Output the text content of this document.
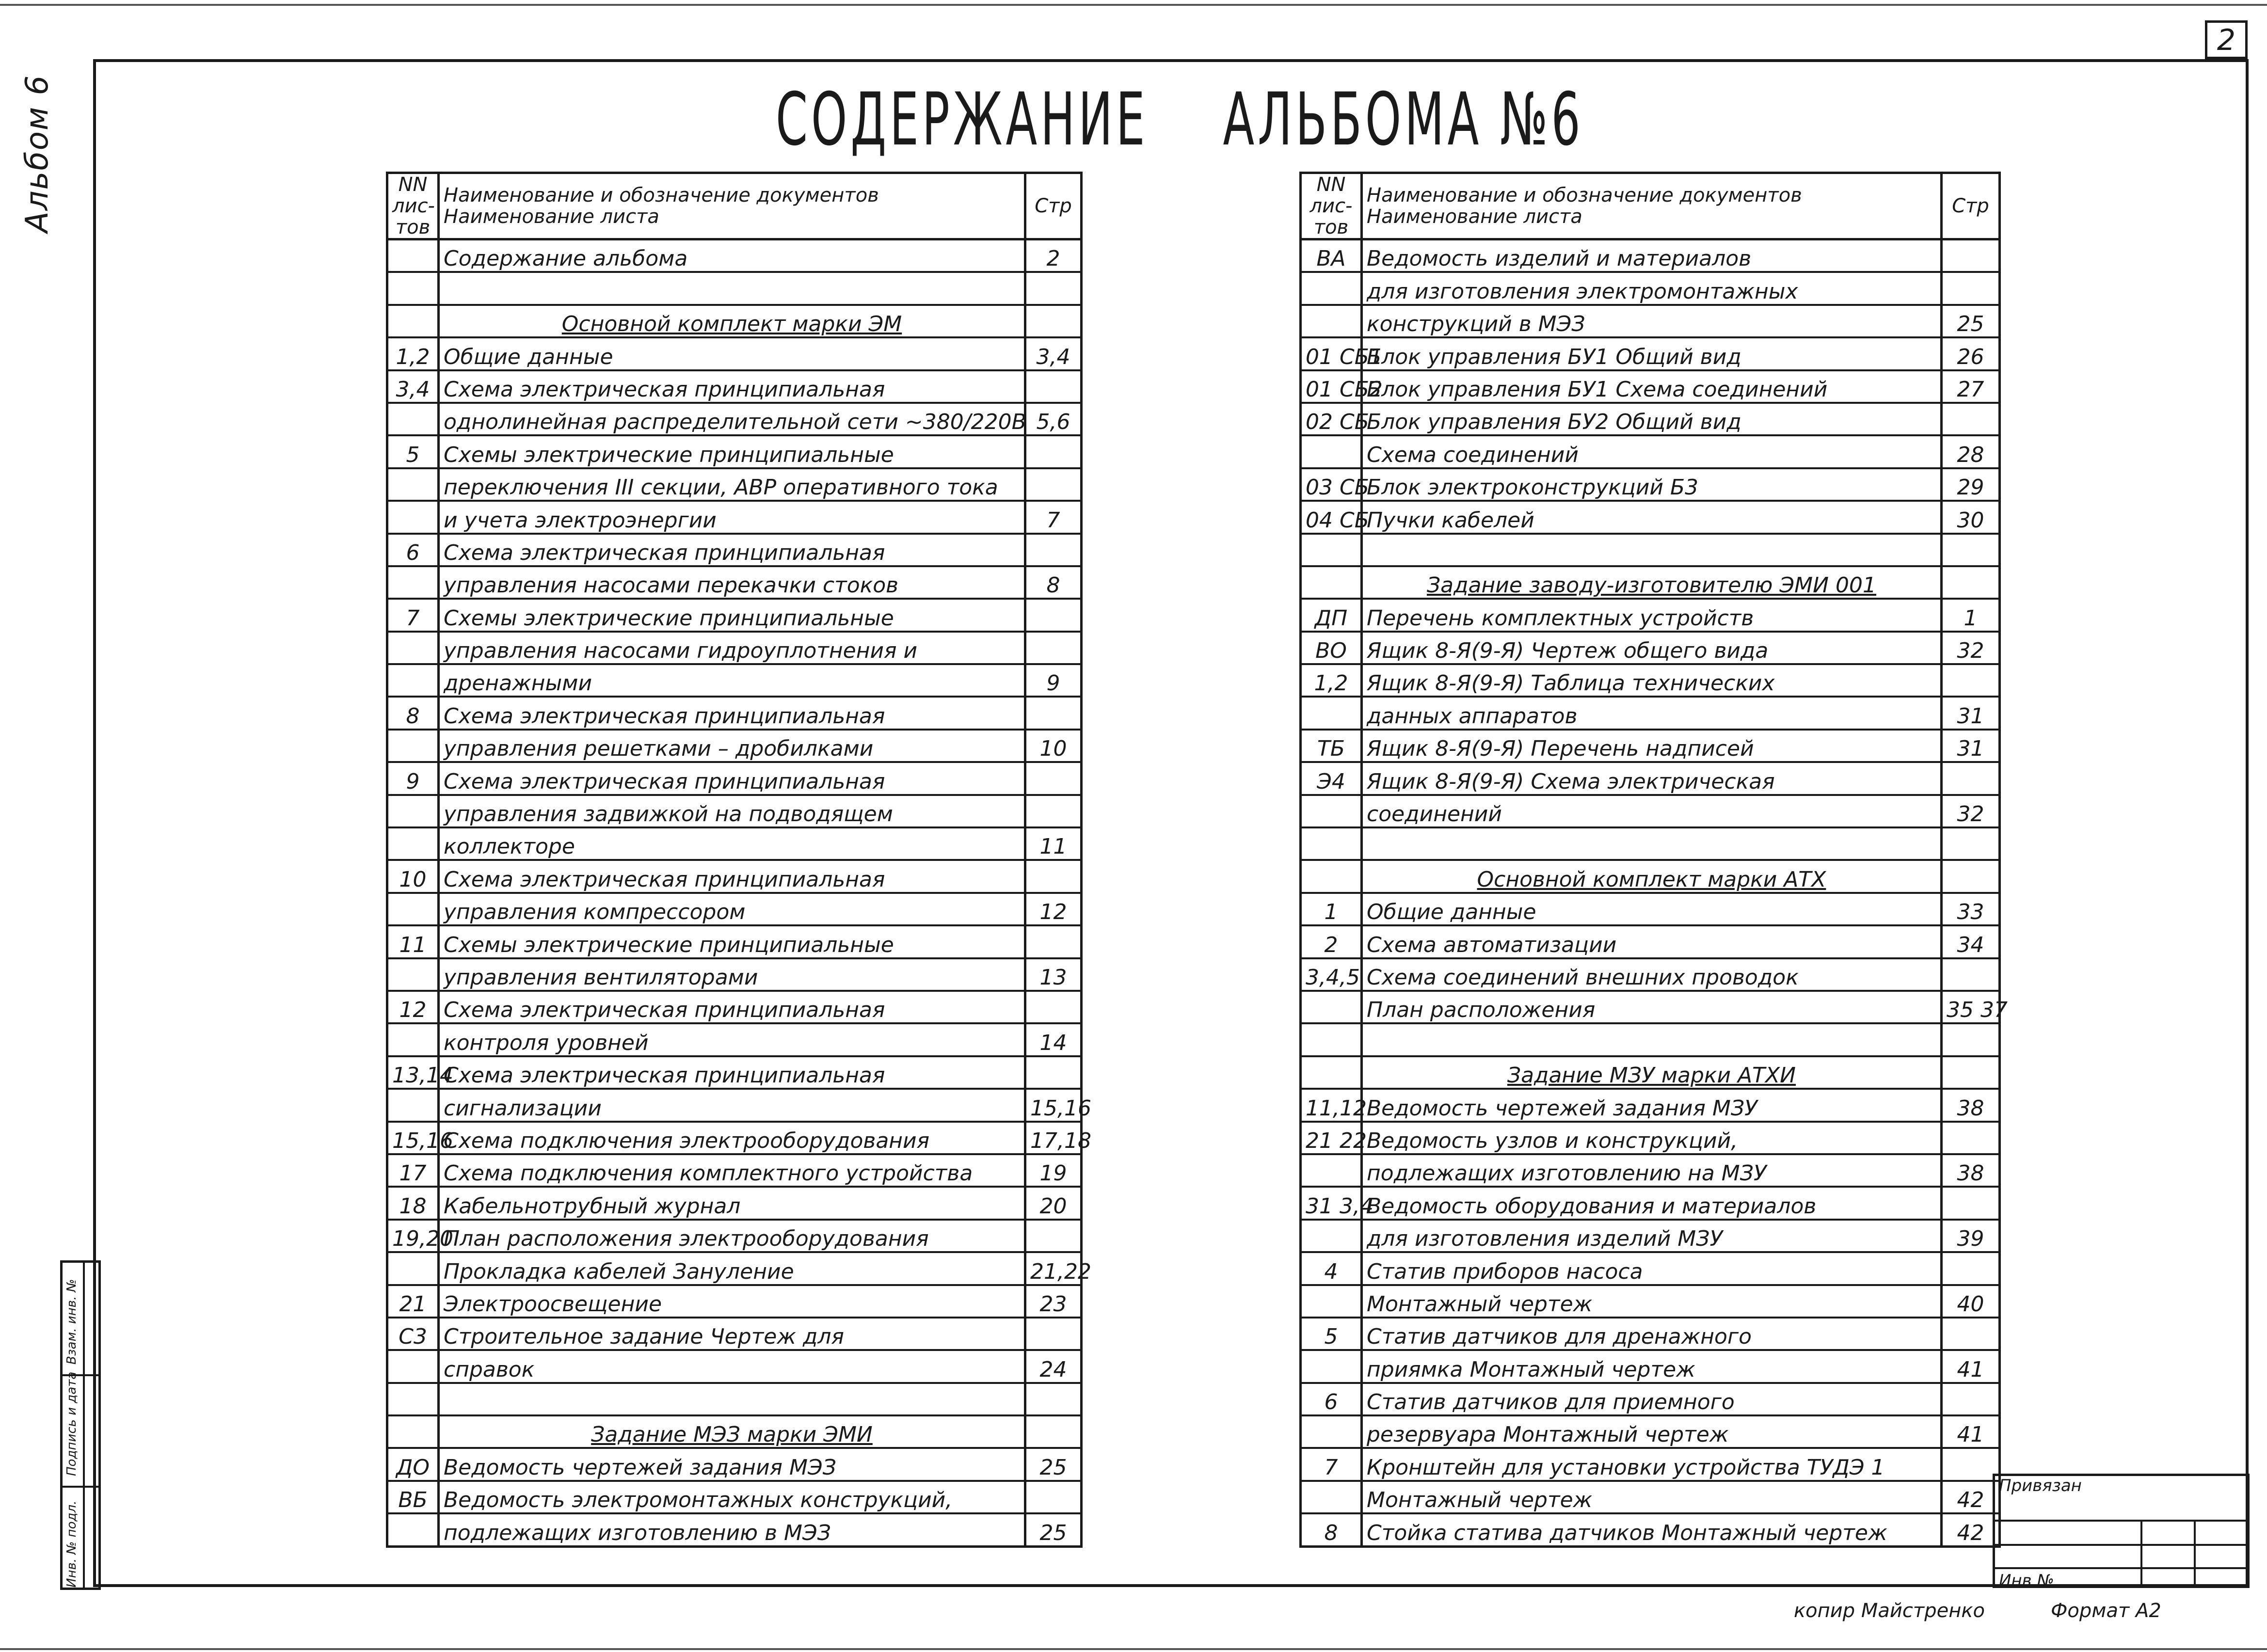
2
Альбом 6	СОДЕРЖАНИЕ АЛЬБОМА №6
NN лис-тов	Наименование и обозначение документов Наименование листа	Стр
	Содержание альбома	2

	Основной комплект марки ЭМ	
1,2	Общие данные	3,4
3,4	Схема электрическая принципиальная	
	однолинейная распределительной сети ~380/220В	5,6
5	Схемы электрические принципиальные	
	переключения III секции, АВР оперативного тока	
	и учета электроэнергии	7
6	Схема электрическая принципиальная	
	управления насосами перекачки стоков	8
7	Схемы электрические принципиальные	
	управления насосами гидроуплотнения и	
	дренажными	9
8	Схема электрическая принципиальная	
	управления решетками – дробилками	10
9	Схема электрическая принципиальная	
	управления задвижкой на подводящем	
	коллекторе	11
10	Схема электрическая принципиальная	
	управления компрессором	12
11	Схемы электрические принципиальные	
	управления вентиляторами	13
12	Схема электрическая принципиальная	
	контроля уровней	14
13,14	Схема электрическая принципиальная	
	сигнализации	15,16
15,16	Схема подключения электрооборудования	17,18
17	Схема подключения комплектного устройства	19
18	Кабельнотрубный журнал	20
19,20	План расположения электрооборудования	
	Прокладка кабелей Зануление	21,22
21	Электроосвещение	23
С3	Строительное задание Чертеж для	
	справок	24

	Задание МЭЗ марки ЭМИ	
ДО	Ведомость чертежей задания МЭЗ	25
ВБ	Ведомость электромонтажных конструкций,	
	подлежащих изготовлению в МЭЗ	25
NN лис-тов	Наименование и обозначение документов Наименование листа	Стр
ВА	Ведомость изделий и материалов	
	для изготовления электромонтажных	
	конструкций в МЭЗ	25
01 СБ1	Блок управления БУ1 Общий вид	26
01 СБ2	Блок управления БУ1 Схема соединений	27
02 СБ	Блок управления БУ2 Общий вид	
	Схема соединений	28
03 СБ	Блок электроконструкций Б3	29
04 СБ	Пучки кабелей	30

	Задание заводу-изготовителю ЭМИ 001	
ДП	Перечень комплектных устройств	1
ВО	Ящик 8-Я(9-Я) Чертеж общего вида	32
1,2	Ящик 8-Я(9-Я) Таблица технических	
	данных аппаратов	31
ТБ	Ящик 8-Я(9-Я) Перечень надписей	31
Э4	Ящик 8-Я(9-Я) Схема электрическая	
	соединений	32

	Основной комплект марки АТХ	
1	Общие данные	33
2	Схема автоматизации	34
3,4,5	Схема соединений внешних проводок	
	План расположения	35 37

	Задание МЗУ марки АТХИ	
11,12	Ведомость чертежей задания МЗУ	38
21 22	Ведомость узлов и конструкций,	
	подлежащих изготовлению на МЗУ	38
31 3,4	Ведомость оборудования и материалов	
	для изготовления изделий МЗУ	39
4	Статив приборов насоса	
	Монтажный чертеж	40
5	Статив датчиков для дренажного	
	приямка Монтажный чертеж	41
6	Статив датчиков для приемного	
	резервуара Монтажный чертеж	41
7	Кронштейн для установки устройства ТУДЭ 1	
	Монтажный чертеж	42
8	Стойка статива датчиков Монтажный чертеж	42
Инв. № подл.
Подпись и дата
Взам. инв. №
Привязан
Инв №
копир Майстренко	Формат А2
